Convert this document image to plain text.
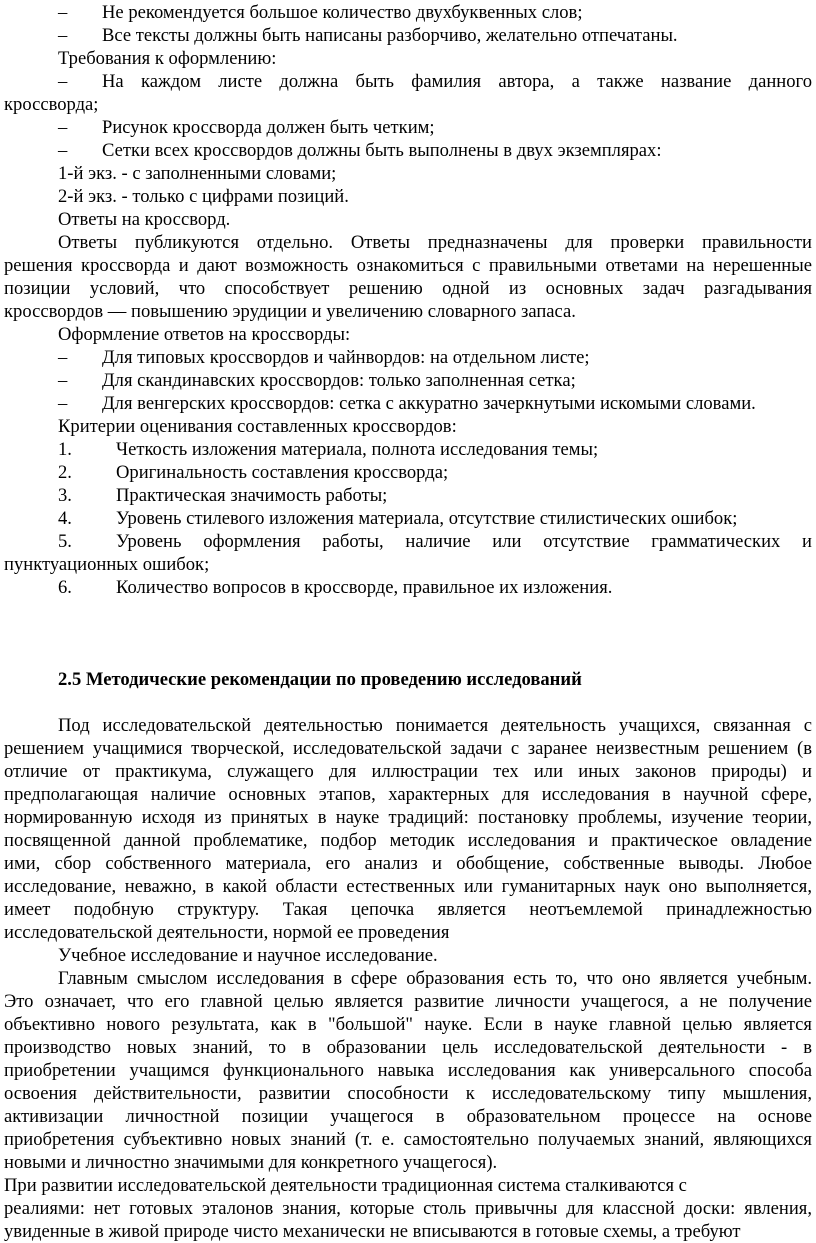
– Не рекомендуется большое количество двухбуквенных слов;
– Все тексты должны быть написаны разборчиво, желательно отпечатаны.
Требования к оформлению:
– На каждом листе должна быть фамилия автора, а также название данного
кроссворда;
– Рисунок кроссворда должен быть четким;
– Сетки всех кроссвордов должны быть выполнены в двух экземплярах:
1-й экз. - с заполненными словами;
2-й экз. - только с цифрами позиций.
Ответы на кроссворд.
Ответы публикуются отдельно. Ответы предназначены для проверки правильности
решения кроссворда и дают возможность ознакомиться с правильными ответами на нерешенные
позиции условий, что способствует решению одной из основных задач разгадывания
кроссвордов — повышению эрудиции и увеличению словарного запаса.
Оформление ответов на кроссворды:
– Для типовых кроссвордов и чайнвордов: на отдельном листе;
– Для скандинавских кроссвордов: только заполненная сетка;
– Для венгерских кроссвордов: сетка с аккуратно зачеркнутыми искомыми словами.
Критерии оценивания составленных кроссвордов:
1. Четкость изложения материала, полнота исследования темы;
2. Оригинальность составления кроссворда;
3. Практическая значимость работы;
4. Уровень стилевого изложения материала, отсутствие стилистических ошибок;
5. Уровень оформления работы, наличие или отсутствие грамматических и
пунктуационных ошибок;
6. Количество вопросов в кроссворде, правильное их изложения.
2.5 Методические рекомендации по проведению исследований
Под исследовательской деятельностью понимается деятельность учащихся, связанная с
решением учащимися творческой, исследовательской задачи с заранее неизвестным решением (в
отличие от практикума, служащего для иллюстрации тех или иных законов природы) и
предполагающая наличие основных этапов, характерных для исследования в научной сфере,
нормированную исходя из принятых в науке традиций: постановку проблемы, изучение теории,
посвященной данной проблематике, подбор методик исследования и практическое овладение
ими, сбор собственного материала, его анализ и обобщение, собственные выводы. Любое
исследование, неважно, в какой области естественных или гуманитарных наук оно выполняется,
имеет подобную структуру. Такая цепочка является неотъемлемой принадлежностью
исследовательской деятельности, нормой ее проведения
Учебное исследование и научное исследование.
Главным смыслом исследования в сфере образования есть то, что оно является учебным.
Это означает, что его главной целью является развитие личности учащегося, а не получение
объективно нового результата, как в "большой" науке. Если в науке главной целью является
производство новых знаний, то в образовании цель исследовательской деятельности - в
приобретении учащимся функционального навыка исследования как универсального способа
освоения действительности, развитии способности к исследовательскому типу мышления,
активизации личностной позиции учащегося в образовательном процессе на основе
приобретения субъективно новых знаний (т. е. самостоятельно получаемых знаний, являющихся
новыми и личностно значимыми для конкретного учащегося).
При развитии исследовательской деятельности традиционная система сталкиваются с
реалиями: нет готовых эталонов знания, которые столь привычны для классной доски: явления,
увиденные в живой природе чисто механически не вписываются в готовые схемы, а требуют
